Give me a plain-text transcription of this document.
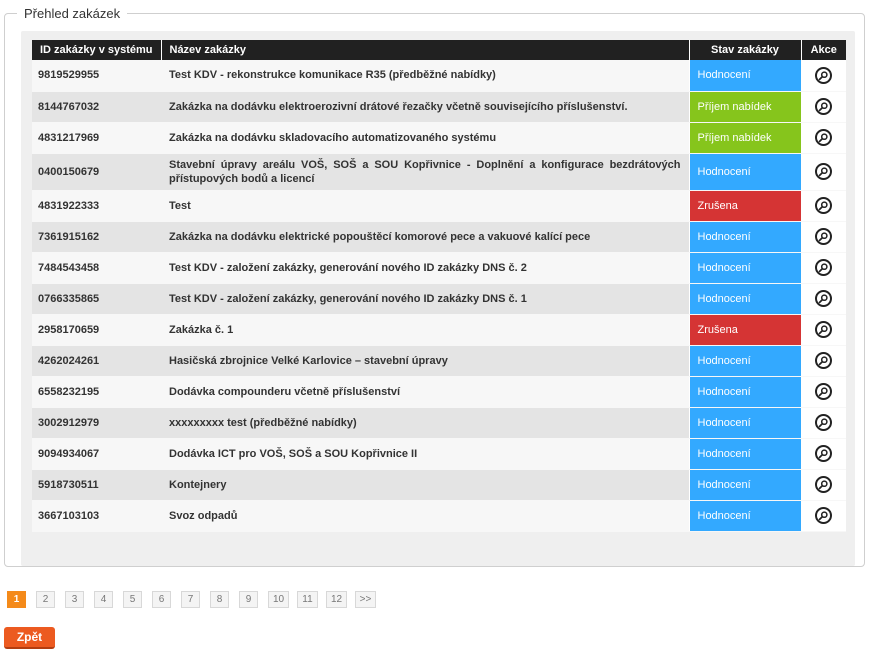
Přehled zakázek
ID zakázky v systému	Název zakázky	Stav zakázky	Akce
9819529955	Test KDV - rekonstrukce komunikace R35 (předběžné nabídky)	Hodnocení	

8144767032	Zakázka na dodávku elektroerozivní drátové řezačky včetně souvisejícího příslušenství.	Příjem nabídek	

4831217969	Zakázka na dodávku skladovacího automatizovaného systému	Příjem nabídek	

0400150679	Stavební úpravy areálu VOŠ, SOŠ a SOU Kopřivnice - Doplnění a konfigurace bezdrátových přístupových bodů a licencí	Hodnocení	

4831922333	Test	Zrušena	

7361915162	Zakázka na dodávku elektrické popouštěcí komorové pece a vakuové kalící pece	Hodnocení	

7484543458	Test KDV - založení zakázky, generování nového ID zakázky DNS č. 2	Hodnocení	

0766335865	Test KDV - založení zakázky, generování nového ID zakázky DNS č. 1	Hodnocení	

2958170659	Zakázka č. 1	Zrušena	

4262024261	Hasičská zbrojnice Velké Karlovice – stavební úpravy	Hodnocení	

6558232195	Dodávka compounderu včetně příslušenství	Hodnocení	

3002912979	xxxxxxxxx test (předběžné nabídky)	Hodnocení	

9094934067	Dodávka ICT pro VOŠ, SOŠ a SOU Kopřivnice II	Hodnocení	

5918730511	Kontejnery	Hodnocení	

3667103103	Svoz odpadů	Hodnocení	
1	2	3	4	5	6	7	8	9	10	11	12	>>
Zpět
